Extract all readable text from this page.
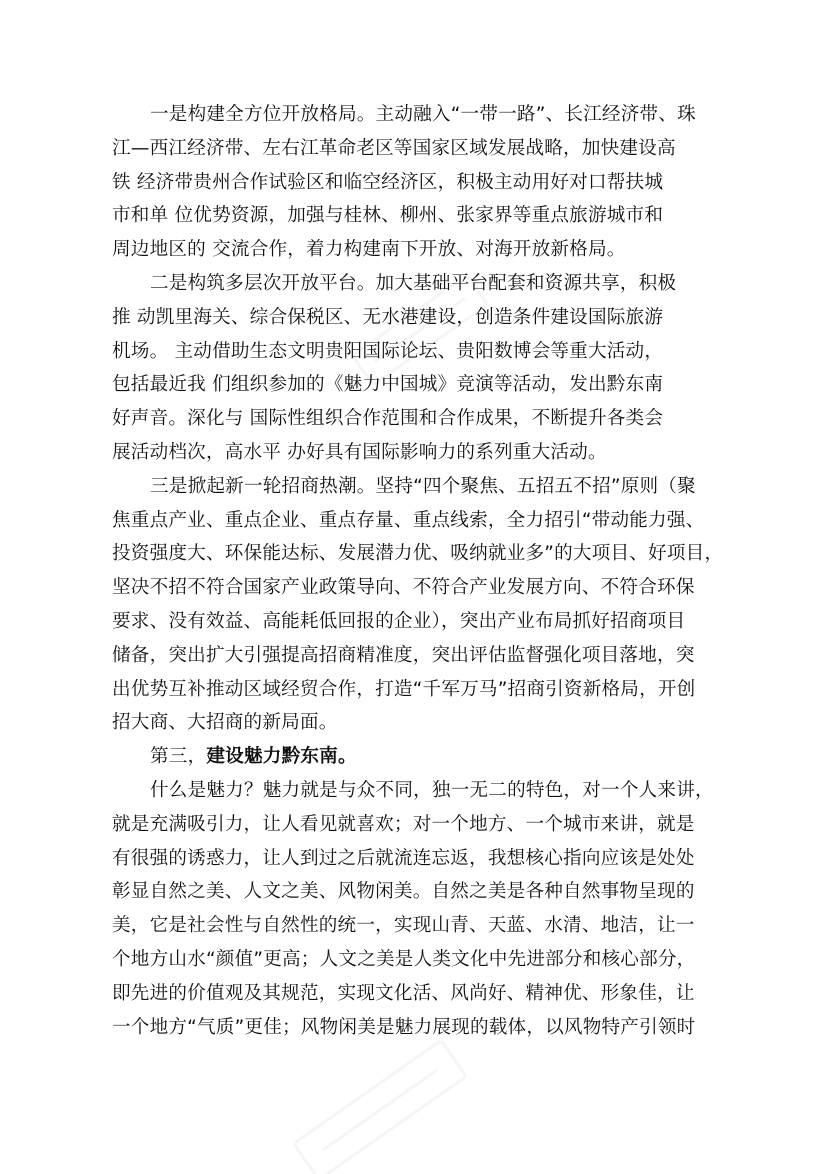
一是构建全方位开放格局。主动融入“一带一路”、长江经济带、珠
江—西江经济带、左右江革命老区等国家区域发展战略，加快建设高
铁 经济带贵州合作试验区和临空经济区，积极主动用好对口帮扶城
市和单 位优势资源，加强与桂林、柳州、张家界等重点旅游城市和
周边地区的 交流合作，着力构建南下开放、对海开放新格局。
二是构筑多层次开放平台。加大基础平台配套和资源共享，积极
推 动凯里海关、综合保税区、无水港建设，创造条件建设国际旅游
机场。 主动借助生态文明贵阳国际论坛、贵阳数博会等重大活动，
包括最近我 们组织参加的《魅力中国城》竞演等活动，发出黔东南
好声音。深化与 国际性组织合作范围和合作成果，不断提升各类会
展活动档次，高水平 办好具有国际影响力的系列重大活动。
三是掀起新一轮招商热潮。坚持“四个聚焦、五招五不招”原则（聚
焦重点产业、重点企业、重点存量、重点线索，全力招引“带动能力强、
投资强度大、环保能达标、发展潜力优、吸纳就业多”的大项目、好项目，
坚决不招不符合国家产业政策导向、不符合产业发展方向、不符合环保
要求、没有效益、高能耗低回报的企业），突出产业布局抓好招商项目
储备，突出扩大引强提高招商精准度，突出评估监督强化项目落地，突
出优势互补推动区域经贸合作，打造“千军万马”招商引资新格局，开创
招大商、大招商的新局面。
第三，建设魅力黔东南。
什么是魅力？魅力就是与众不同，独一无二的特色，对一个人来讲，
就是充满吸引力，让人看见就喜欢；对一个地方、一个城市来讲，就是
有很强的诱惑力，让人到过之后就流连忘返，我想核心指向应该是处处
彰显自然之美、人文之美、风物闲美。自然之美是各种自然事物呈现的
美，它是社会性与自然性的统一，实现山青、天蓝、水清、地洁，让一
个地方山水“颜值”更高；人文之美是人类文化中先进部分和核心部分，
即先进的价值观及其规范，实现文化活、风尚好、精神优、形象佳，让
一个地方“气质”更佳；风物闲美是魅力展现的载体，以风物特产引领时
